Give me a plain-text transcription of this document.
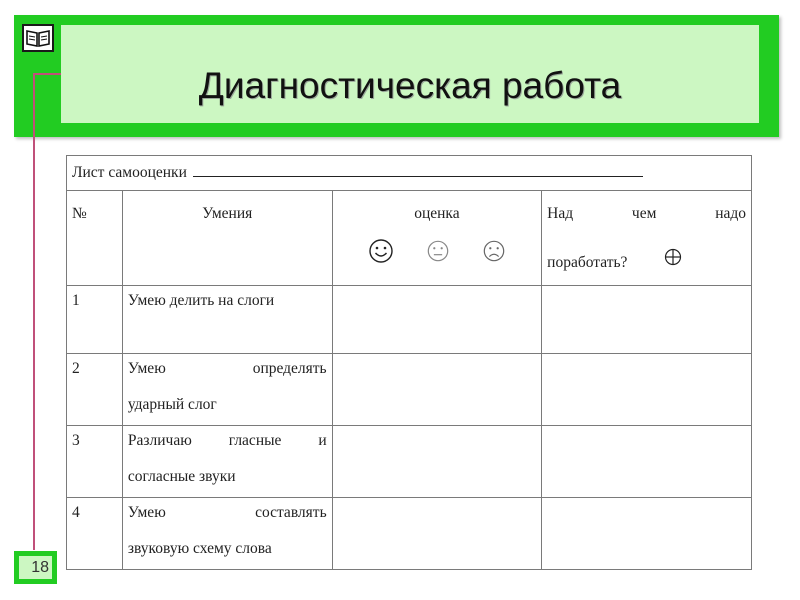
Диагностическая работа
18
Лист самооценки			
№	Умения	оценка	Над чем надо
поработать?

1	Умею делить на слоги		
2	Умею определять
ударный слог		

3	Различаю гласные и
согласные звуки		

4	Умею составлять
звуковую схему слова		
